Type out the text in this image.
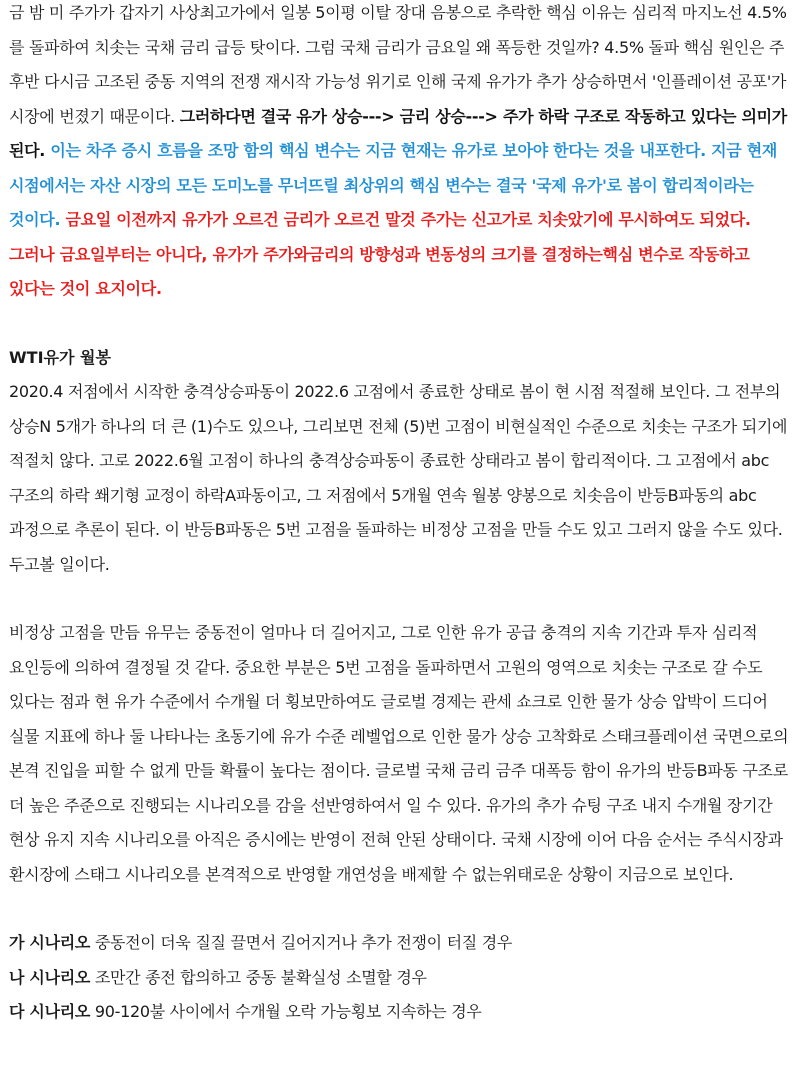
금 밤 미 주가가 갑자기 사상최고가에서 일봉 5이평 이탈 장대 음봉으로 추락한 핵심 이유는 심리적 마지노선 4.5%를 돌파하여 치솟는 국채 금리 급등 탓이다. 그럼 국채 금리가 금요일 왜 폭등한 것일까? 4.5% 돌파 핵심 원인은 주 후반 다시금 고조된 중동 지역의 전쟁 재시작 가능성 위기로 인해 국제 유가가 추가 상승하면서 '인플레이션 공포'가 시장에 번졌기 때문이다. 그러하다면 결국 유가 상승---> 금리 상승---> 주가 하락 구조로 작동하고 있다는 의미가 된다. 이는 차주 증시 흐름을 조망 함의 핵심 변수는 지금 현재는 유가로 보아야 한다는 것을 내포한다. 지금 현재 시점에서는 자산 시장의 모든 도미노를 무너뜨릴 최상위의 핵심 변수는 결국 '국제 유가'로 봄이 합리적이라는 것이다. 금요일 이전까지 유가가 오르건 금리가 오르건 말것 주가는 신고가로 치솟았기에 무시하여도 되었다. 그러나 금요일부터는 아니다, 유가가 주가와금리의 방향성과 변동성의 크기를 결정하는핵심 변수로 작동하고 있다는 것이 요지이다.

WTI유가 월봉

2020.4 저점에서 시작한 충격상승파동이 2022.6 고점에서 종료한 상태로 봄이 현 시점 적절해 보인다. 그 전부의 상승N 5개가 하나의 더 큰 (1)수도 있으나, 그리보면 전체 (5)번 고점이 비현실적인 수준으로 치솟는 구조가 되기에 적절치 않다. 고로 2022.6월 고점이 하나의 충격상승파동이 종료한 상태라고 봄이 합리적이다. 그 고점에서 abc 구조의 하락 쐐기형 교정이 하락A파동이고, 그 저점에서 5개월 연속 월봉 양봉으로 치솟음이 반등B파동의 abc 과정으로 추론이 된다. 이 반등B파동은 5번 고점을 돌파하는 비정상 고점을 만들 수도 있고 그러지 않을 수도 있다. 두고볼 일이다.

비정상 고점을 만듬 유무는 중동전이 얼마나 더 길어지고, 그로 인한 유가 공급 충격의 지속 기간과 투자 심리적 요인등에 의하여 결정될 것 같다. 중요한 부분은 5번 고점을 돌파하면서 고원의 영역으로 치솟는 구조로 갈 수도 있다는 점과 현 유가 수준에서 수개월 더 횡보만하여도 글로벌 경제는 관세 쇼크로 인한 물가 상승 압박이 드디어 실물 지표에 하나 둘 나타나는 초동기에 유가 수준 레벨업으로 인한 물가 상승 고착화로 스태크플레이션 국면으로의 본격 진입을 피할 수 없게 만들 확률이 높다는 점이다. 글로벌 국채 금리 금주 대폭등 함이 유가의 반등B파동 구조로 더 높은 주준으로 진행되는 시나리오를 감을 선반영하여서 일 수 있다. 유가의 추가 슈팅 구조 내지 수개월 장기간 현상 유지 지속 시나리오를 아직은 증시에는 반영이 전혀 안된 상태이다. 국채 시장에 이어 다음 순서는 주식시장과 환시장에 스태그 시나리오를 본격적으로 반영할 개연성을 배제할 수 없는위태로운 상황이 지금으로 보인다.

가 시나리오 중동전이 더욱 질질 끌면서 길어지거나 추가 전쟁이 터질 경우

나 시나리오 조만간 종전 합의하고 중동 불확실성 소멸할 경우

다 시나리오 90-120불 사이에서 수개월 오락 가능횡보 지속하는 경우
